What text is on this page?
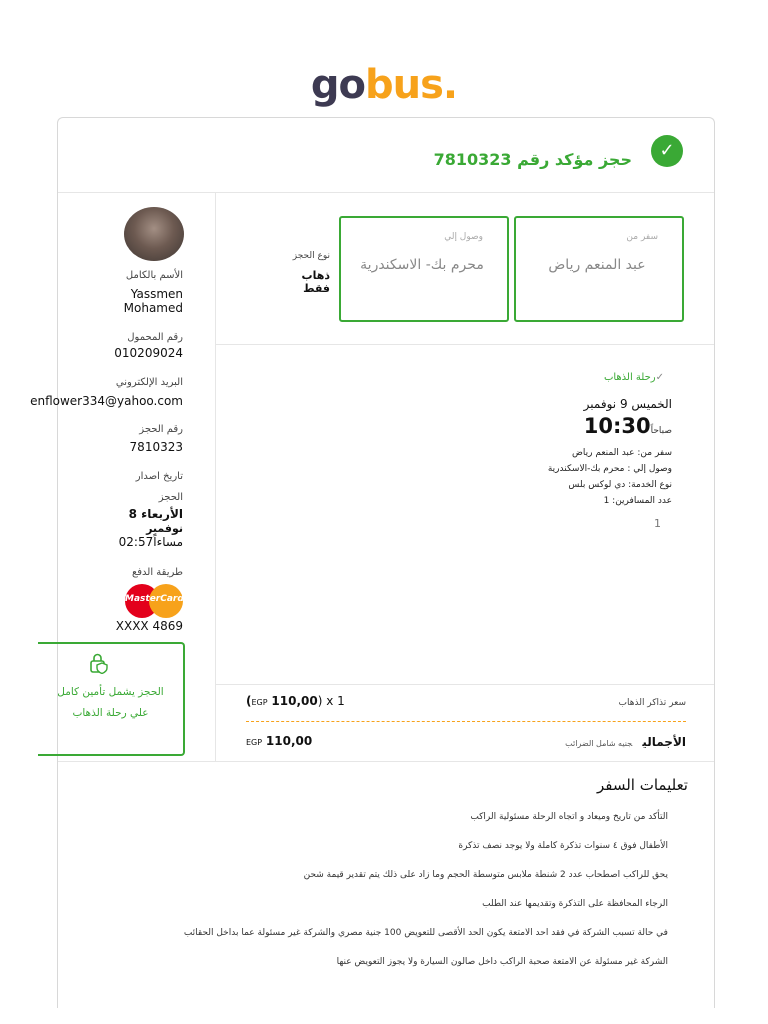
gobus.
✓
حجز مؤكد رقم 7810323
الأسم بالكامل
Yassmen
Mohamed
رقم المحمول
010209024
البريد الإلكتروني
enflower334@yahoo.com
رقم الحجز
7810323
تاريخ اصدار
الحجز
الأربعاء 8
نوفمبر
02:57مساءاً
طريقة الدفع
MasterCard
XXXX 4869
الحجز يشمل تأمين كامل علي رحلة الذهاب
سفر من
عبد المنعم رياض
وصول إلي
محرم بك- الاسكندرية
نوع الحجز
ذهاب فقط
✓رحلة الذهاب
الخميس 9 نوفمبر
صباحاً10:30
سفر من: عبد المنعم رياض
وصول إلي : محرم بك-الاسكندرية
نوع الخدمة: دي لوكس بلس
عدد المسافرين: 1
1
سعر تذاكر الذهاب
(EGP 110,00) x 1
الأجماليجنيه شامل الضرائب
EGP 110,00
تعليمات السفر
التأكد من تاريخ وميعاد و اتجاه الرحلة مسئولية الراكب
الأطفال فوق ٤ سنوات تذكرة كاملة ولا يوجد نصف تذكرة
يحق للراكب اصطحاب عدد 2 شنطة ملابس متوسطة الحجم وما زاد على ذلك يتم تقدير قيمة شحن
الرجاء المحافظة على التذكرة وتقديمها عند الطلب
في حالة تسبب الشركة في فقد احد الامتعة يكون الحد الأقصى للتعويض 100 جنية مصري والشركة غير مسئولة عما بداخل الحقائب
الشركة غير مسئولة عن الامتعة صحبة الراكب داخل صالون السيارة ولا يجوز التعويض عنها
